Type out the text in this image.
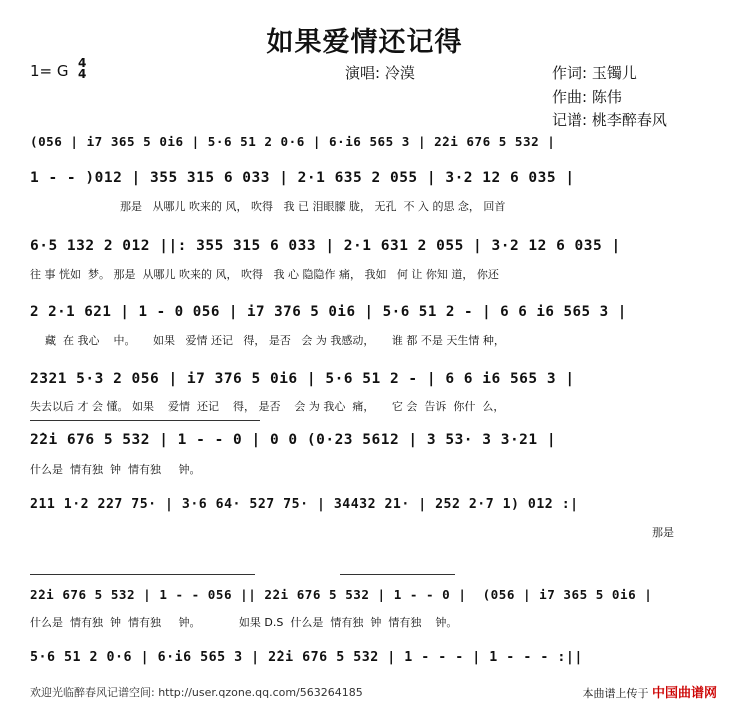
如果爱情还记得
1= G 4
4	演唱: 冷漠	作词: 玉镯儿
作曲: 陈伟
记谱: 桃李醉春风
(056 | i7 365 5 0i6 | 5·6 51 2 0·6 | 6·i6 565 3 | 2̇2i 676 5 532 |
1 - - )012 | 355 315 6 033 | 2·1 635 2 055 | 3·2 12 6 035 |
那是   从哪儿 吹来的 风， 吹得   我 已 泪眼朦 胧， 无孔  不 入 的思 念， 回首
6·5 132 2 012 ||: 355 315 6 033 | 2·1 631 2 055 | 3·2 12 6 035 |
往 事 恍如  梦。 那是  从哪儿 吹来的 风， 吹得   我 心 隐隐作 痛， 我如   何 让 你知 道， 你还
2 2·1 621 | 1 - 0 056 | i7 376 5 0i6 | 5·6 51 2 - | 6 6 i6 565 3 |
藏  在 我心    中。     如果   爱情 还记   得， 是否   会 为 我感动，     谁 都 不是 天生情 种，
2321 5·3 2 056 | i7 376 5 0i6 | 5·6 51 2 - | 6 6 i6 565 3 |
失去以后 才 会 懂。 如果    爱情  还记    得， 是否    会 为 我心  痛，     它 会  告诉  你什  么，
2̇2i 676 5 532 | 1 - - 0 | 0 0 (0·23 5612 | 3 53· 3 3·21 |
什么是  情有独  钟  情有独     钟。
211 1·2 227 75· | 3·6 64· 527 75· | 34432 21· | 252 2·7 1) 012 :|
那是
2̇2i 676 5 532 | 1 - - 056 || 2̇2i 676 5 532 | 1 - - 0 |  (056 | i7 365 5 0i6 |
什么是  情有独  钟  情有独     钟。           如果 D.S  什么是  情有独  钟  情有独    钟。
5·6 51 2 0·6 | 6·i6 565 3 | 2̇2i 676 5 532 | 1 - - - | 1 - - - :||
欢迎光临醉春风记谱空间: http://user.qzone.qq.com/563264185	本曲谱上传于 中国曲谱网
